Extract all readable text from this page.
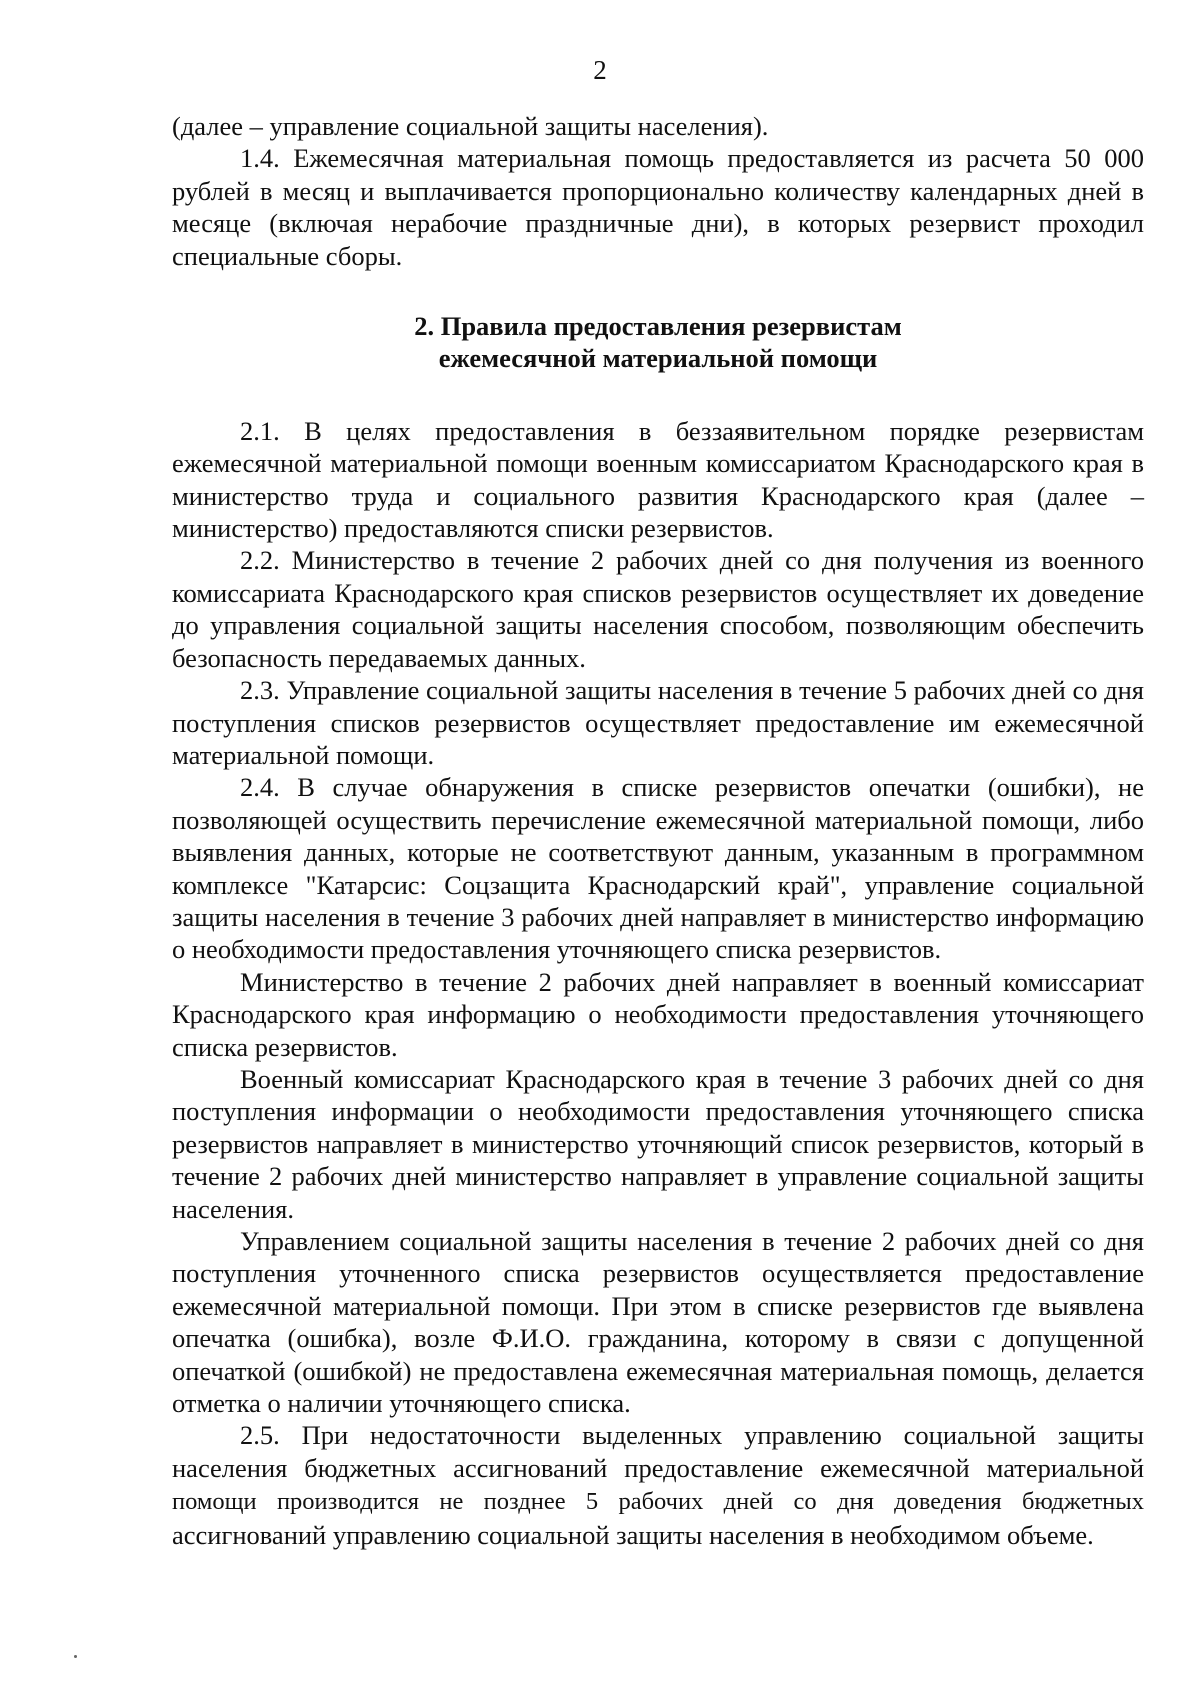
2

(далее – управление социальной защиты населения).

1.4. Ежемесячная материальная помощь предоставляется из расчета 50 000 рублей в месяц и выплачивается пропорционально количеству календарных дней в месяце (включая нерабочие праздничные дни), в которых резервист проходил специальные сборы.

2. Правила предоставления резервистам
ежемесячной материальной помощи

2.1. В целях предоставления в беззаявительном порядке резервистам ежемесячной материальной помощи военным комиссариатом Краснодарского края в министерство труда и социального развития Краснодарского края (далее – министерство) предоставляются списки резервистов.

2.2. Министерство в течение 2 рабочих дней со дня получения из военного комиссариата Краснодарского края списков резервистов осуществляет их доведение до управления социальной защиты населения способом, позволяющим обеспечить безопасность передаваемых данных.

2.3. Управление социальной защиты населения в течение 5 рабочих дней со дня поступления списков резервистов осуществляет предоставление им ежемесячной материальной помощи.

2.4. В случае обнаружения в списке резервистов опечатки (ошибки), не позволяющей осуществить перечисление ежемесячной материальной помощи, либо выявления данных, которые не соответствуют данным, указанным в программном комплексе "Катарсис: Соцзащита Краснодарский край", управление социальной защиты населения в течение 3 рабочих дней направляет в министерство информацию о необходимости предоставления уточняющего списка резервистов.

Министерство в течение 2 рабочих дней направляет в военный комиссариат Краснодарского края информацию о необходимости предоставления уточняющего списка резервистов.

Военный комиссариат Краснодарского края в течение 3 рабочих дней со дня поступления информации о необходимости предоставления уточняющего списка резервистов направляет в министерство уточняющий список резервистов, который в течение 2 рабочих дней министерство направляет в управление социальной защиты населения.

Управлением социальной защиты населения в течение 2 рабочих дней со дня поступления уточненного списка резервистов осуществляется предоставление ежемесячной материальной помощи. При этом в списке резервистов где выявлена опечатка (ошибка), возле Ф.И.О. гражданина, которому в связи с допущенной опечаткой (ошибкой) не предоставлена ежемесячная материальная помощь, делается отметка о наличии уточняющего списка.

2.5. При недостаточности выделенных управлению социальной защиты населения бюджетных ассигнований предоставление ежемесячной материальной помощи производится не позднее 5 рабочих дней со дня доведения бюджетных ассигнований управлению социальной защиты населения в необходимом объеме.
